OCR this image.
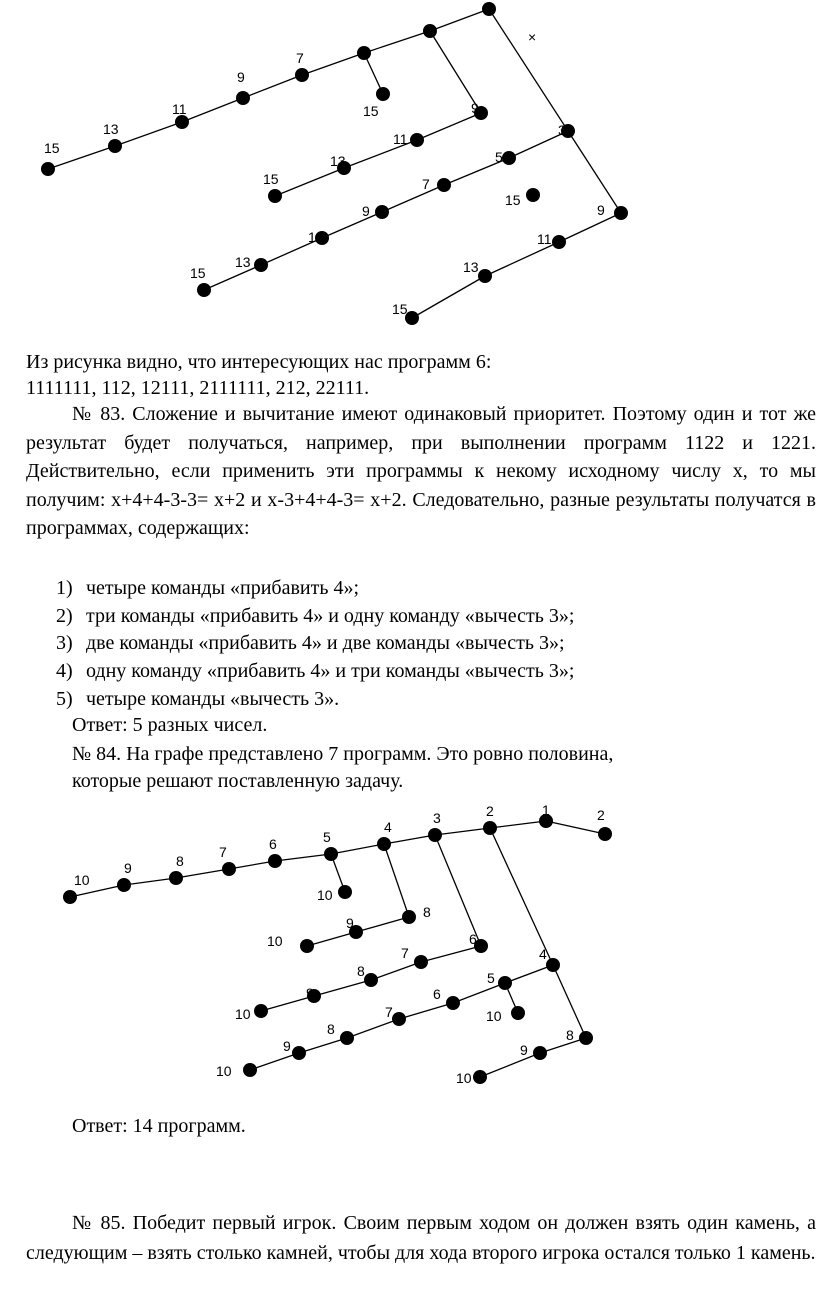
15
13
11
9
7
15
15
13
11
9
15
13
11
9
7
5
3
15
15
13
11
9
×

Из рисунка видно, что интересующих нас программ 6:

1111111, 112, 12111, 2111111, 212, 22111.

№ 83. Сложение и вычитание имеют одинаковый приоритет. Поэтому один и тот же результат будет получаться, например, при выполнении программ 1122 и 1221. Действительно, если применить эти программы к некому исходному числу x, то мы получим: x+4+4-3-3= x+2 и x-3+4+4-3= x+2. Следовательно, разные результаты получатся в программах, содержащих:

1) четыре команды «прибавить 4»;
2) три команды «прибавить 4» и одну команду «вычесть 3»;
3) две команды «прибавить 4» и две команды «вычесть 3»;
4) одну команду «прибавить 4» и три команды «вычесть 3»;
5) четыре команды «вычесть 3».

Ответ: 5 разных чисел.

№ 84. На графе представлено 7 программ. Это ровно половина,

которые решают поставленную задачу.

10
9	8
7	6	5
4
3	2	1	2
10
10
9
8
10
9
8
7
6
10
9
8
7
6
5
4
10
10
9
8

Ответ: 14 программ.

№ 85. Победит первый игрок. Своим первым ходом он должен взять один камень, а следующим – взять столько камней, чтобы для хода второго игрока остался только 1 камень.
